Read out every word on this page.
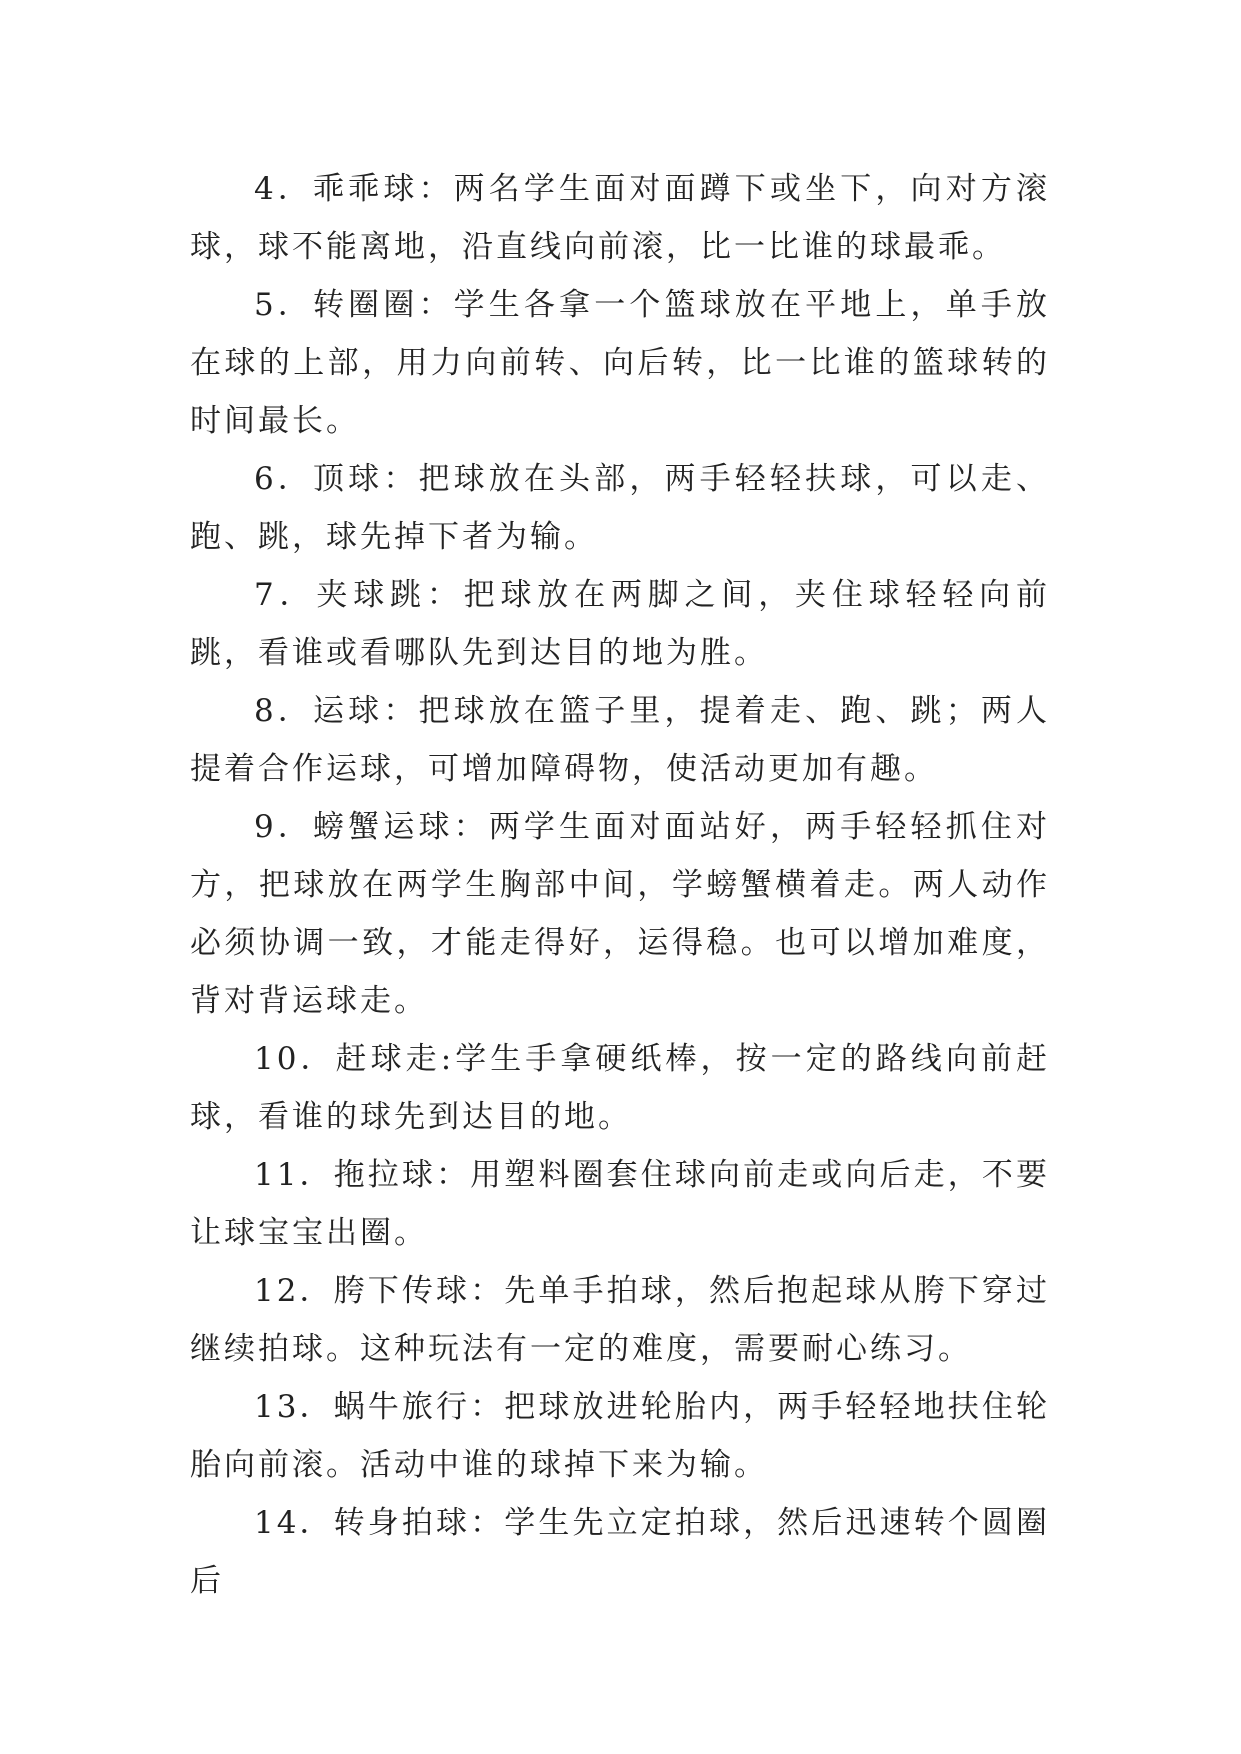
4．乖乖球：两名学生面对面蹲下或坐下，向对方滚球，球不能离地，沿直线向前滚，比一比谁的球最乖。

5．转圈圈：学生各拿一个篮球放在平地上，单手放在球的上部，用力向前转、向后转，比一比谁的篮球转的时间最长。

6．顶球：把球放在头部，两手轻轻扶球，可以走、跑、跳，球先掉下者为输。

7．夹球跳：把球放在两脚之间，夹住球轻轻向前跳，看谁或看哪队先到达目的地为胜。

8．运球：把球放在篮子里，提着走、跑、跳；两人提着合作运球，可增加障碍物，使活动更加有趣。

9．螃蟹运球：两学生面对面站好，两手轻轻抓住对方，把球放在两学生胸部中间，学螃蟹横着走。两人动作必须协调一致，才能走得好，运得稳。也可以增加难度，背对背运球走。

10．赶球走:学生手拿硬纸棒，按一定的路线向前赶球，看谁的球先到达目的地。

11．拖拉球：用塑料圈套住球向前走或向后走，不要让球宝宝出圈。

12．胯下传球：先单手拍球，然后抱起球从胯下穿过继续拍球。这种玩法有一定的难度，需要耐心练习。

13．蜗牛旅行：把球放进轮胎内，两手轻轻地扶住轮胎向前滚。活动中谁的球掉下来为输。

14．转身拍球：学生先立定拍球，然后迅速转个圆圈后
